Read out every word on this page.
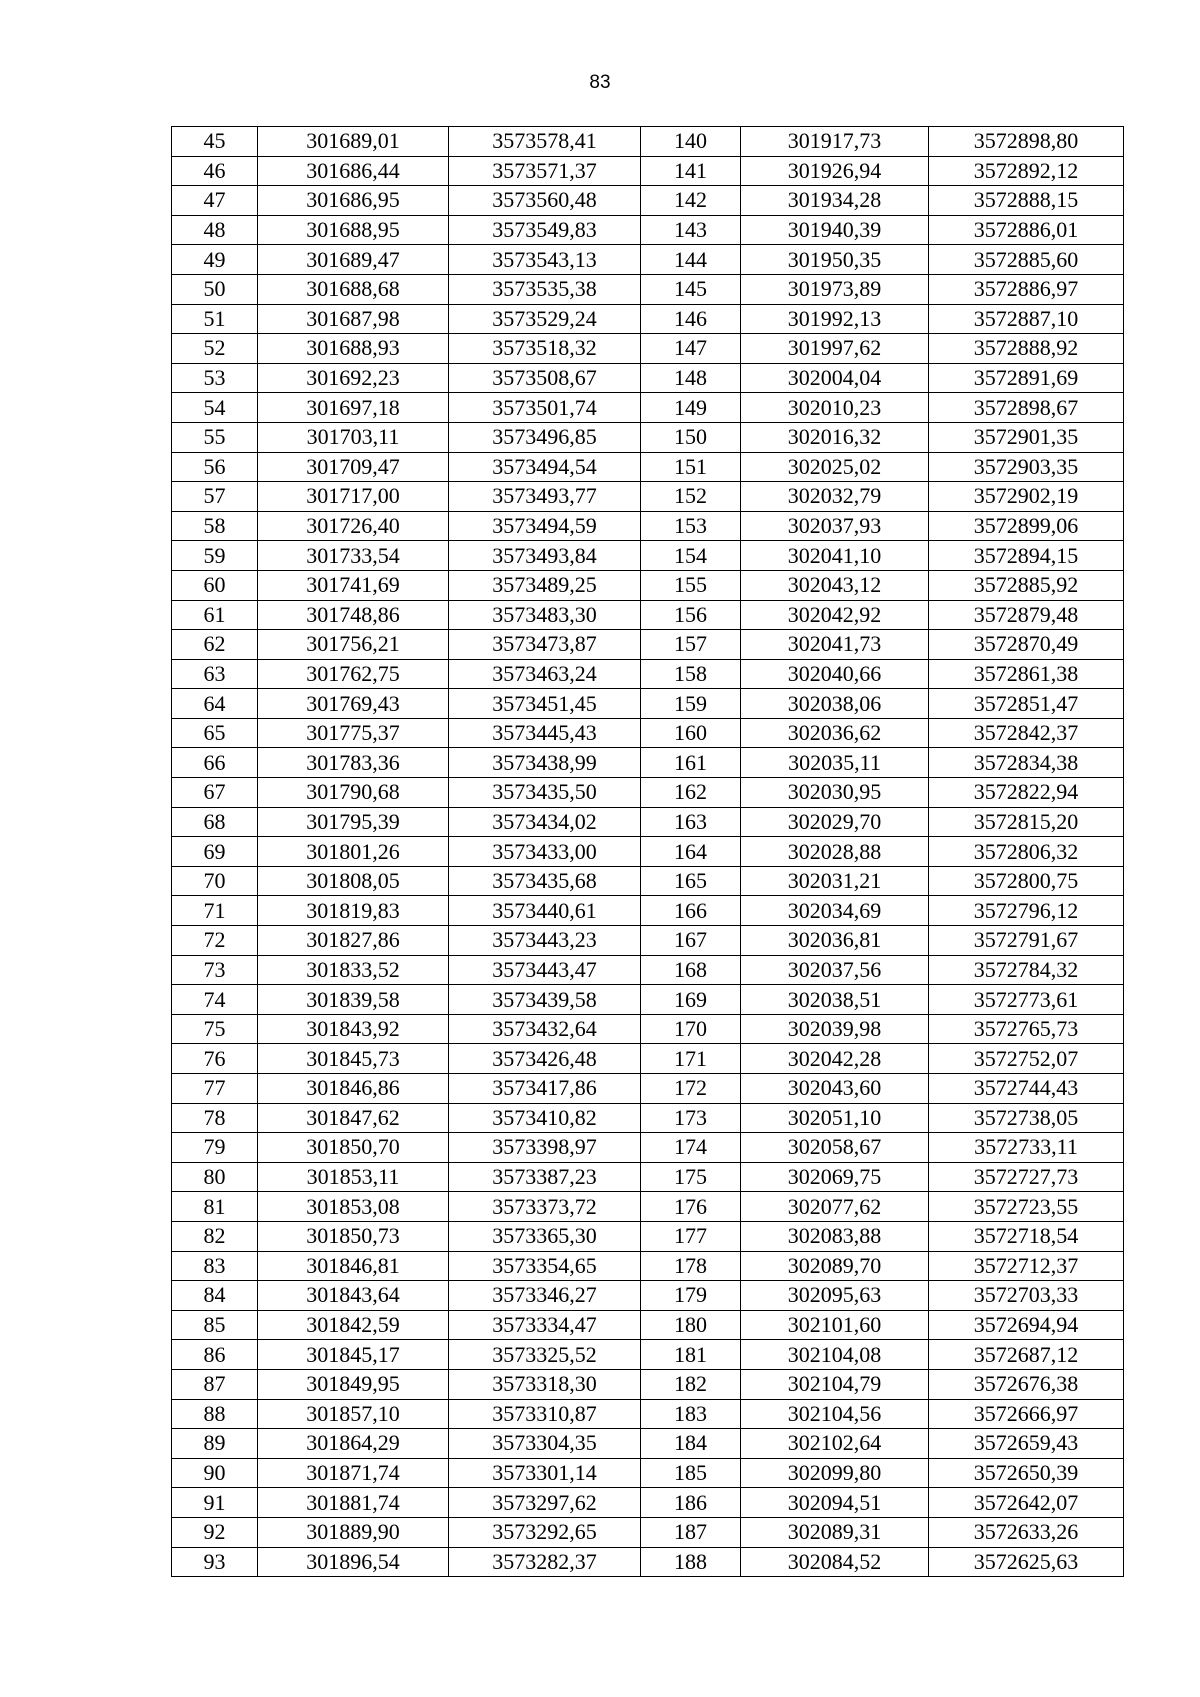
83
45	301689,01	3573578,41	140	301917,73	3572898,80
46	301686,44	3573571,37	141	301926,94	3572892,12
47	301686,95	3573560,48	142	301934,28	3572888,15
48	301688,95	3573549,83	143	301940,39	3572886,01
49	301689,47	3573543,13	144	301950,35	3572885,60
50	301688,68	3573535,38	145	301973,89	3572886,97
51	301687,98	3573529,24	146	301992,13	3572887,10
52	301688,93	3573518,32	147	301997,62	3572888,92
53	301692,23	3573508,67	148	302004,04	3572891,69
54	301697,18	3573501,74	149	302010,23	3572898,67
55	301703,11	3573496,85	150	302016,32	3572901,35
56	301709,47	3573494,54	151	302025,02	3572903,35
57	301717,00	3573493,77	152	302032,79	3572902,19
58	301726,40	3573494,59	153	302037,93	3572899,06
59	301733,54	3573493,84	154	302041,10	3572894,15
60	301741,69	3573489,25	155	302043,12	3572885,92
61	301748,86	3573483,30	156	302042,92	3572879,48
62	301756,21	3573473,87	157	302041,73	3572870,49
63	301762,75	3573463,24	158	302040,66	3572861,38
64	301769,43	3573451,45	159	302038,06	3572851,47
65	301775,37	3573445,43	160	302036,62	3572842,37
66	301783,36	3573438,99	161	302035,11	3572834,38
67	301790,68	3573435,50	162	302030,95	3572822,94
68	301795,39	3573434,02	163	302029,70	3572815,20
69	301801,26	3573433,00	164	302028,88	3572806,32
70	301808,05	3573435,68	165	302031,21	3572800,75
71	301819,83	3573440,61	166	302034,69	3572796,12
72	301827,86	3573443,23	167	302036,81	3572791,67
73	301833,52	3573443,47	168	302037,56	3572784,32
74	301839,58	3573439,58	169	302038,51	3572773,61
75	301843,92	3573432,64	170	302039,98	3572765,73
76	301845,73	3573426,48	171	302042,28	3572752,07
77	301846,86	3573417,86	172	302043,60	3572744,43
78	301847,62	3573410,82	173	302051,10	3572738,05
79	301850,70	3573398,97	174	302058,67	3572733,11
80	301853,11	3573387,23	175	302069,75	3572727,73
81	301853,08	3573373,72	176	302077,62	3572723,55
82	301850,73	3573365,30	177	302083,88	3572718,54
83	301846,81	3573354,65	178	302089,70	3572712,37
84	301843,64	3573346,27	179	302095,63	3572703,33
85	301842,59	3573334,47	180	302101,60	3572694,94
86	301845,17	3573325,52	181	302104,08	3572687,12
87	301849,95	3573318,30	182	302104,79	3572676,38
88	301857,10	3573310,87	183	302104,56	3572666,97
89	301864,29	3573304,35	184	302102,64	3572659,43
90	301871,74	3573301,14	185	302099,80	3572650,39
91	301881,74	3573297,62	186	302094,51	3572642,07
92	301889,90	3573292,65	187	302089,31	3572633,26
93	301896,54	3573282,37	188	302084,52	3572625,63
